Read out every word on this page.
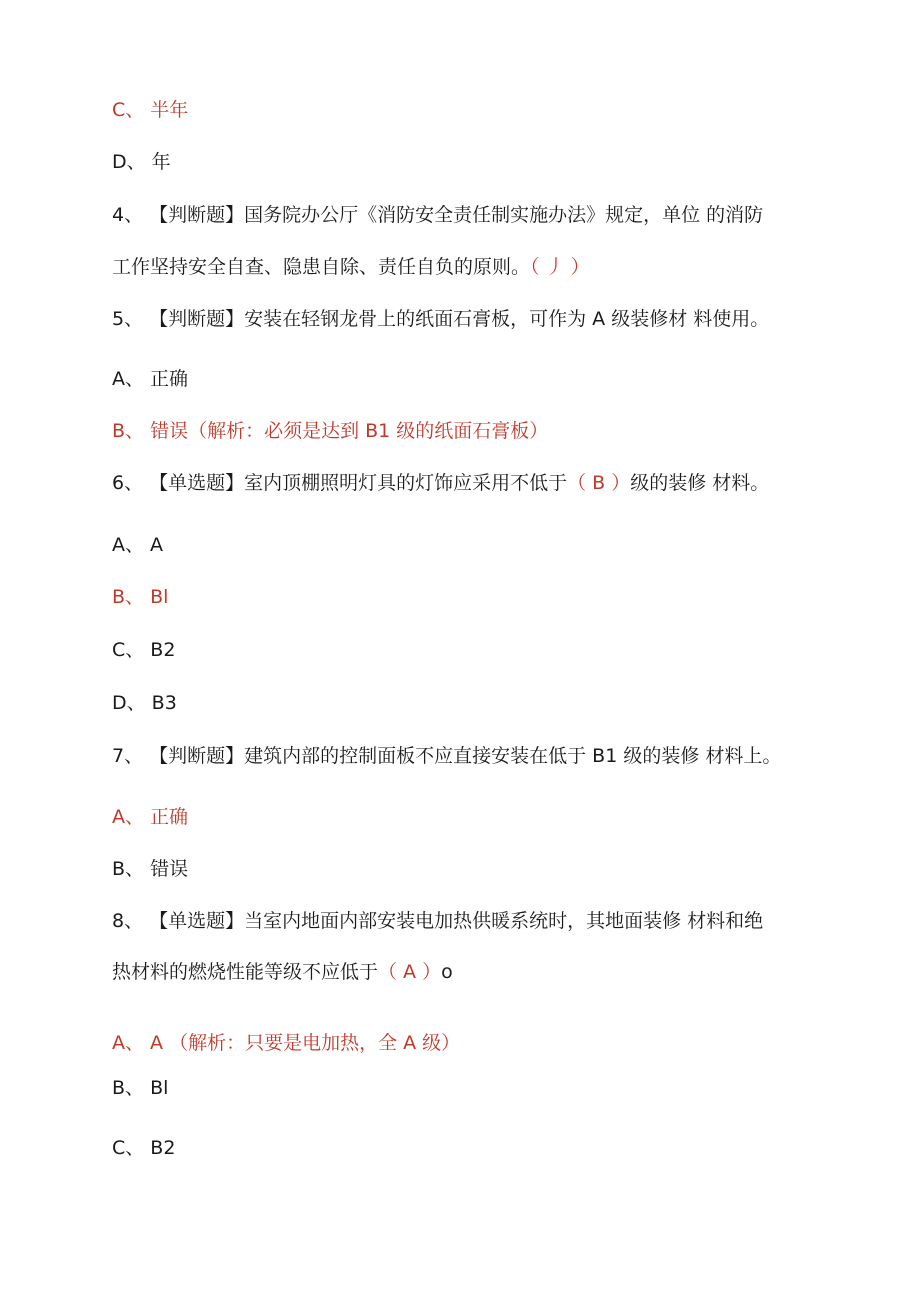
C、 半年
D、 年
4、 【判断题】国务院办公厅《消防安全责任制实施办法》规定，单位 的消防
工作坚持安全自查、隐患自除、责任自负的原则。（ 丿 ）
5、 【判断题】安装在轻钢龙骨上的纸面石膏板，可作为 A 级装修材 料使用。
A、 正确
B、 错误（解析：必须是达到 B1 级的纸面石膏板）
6、 【单选题】室内顶棚照明灯具的灯饰应采用不低于（ B ）级的装修 材料。
A、 A
B、 Bl
C、 B2
D、 B3
7、 【判断题】建筑内部的控制面板不应直接安装在低于 B1 级的装修 材料上。
A、 正确
B、 错误
8、 【单选题】当室内地面内部安装电加热供暖系统时，其地面装修 材料和绝
热材料的燃烧性能等级不应低于（ A ）o
A、 A （解析：只要是电加热，全 A 级）
B、 Bl
C、 B2
